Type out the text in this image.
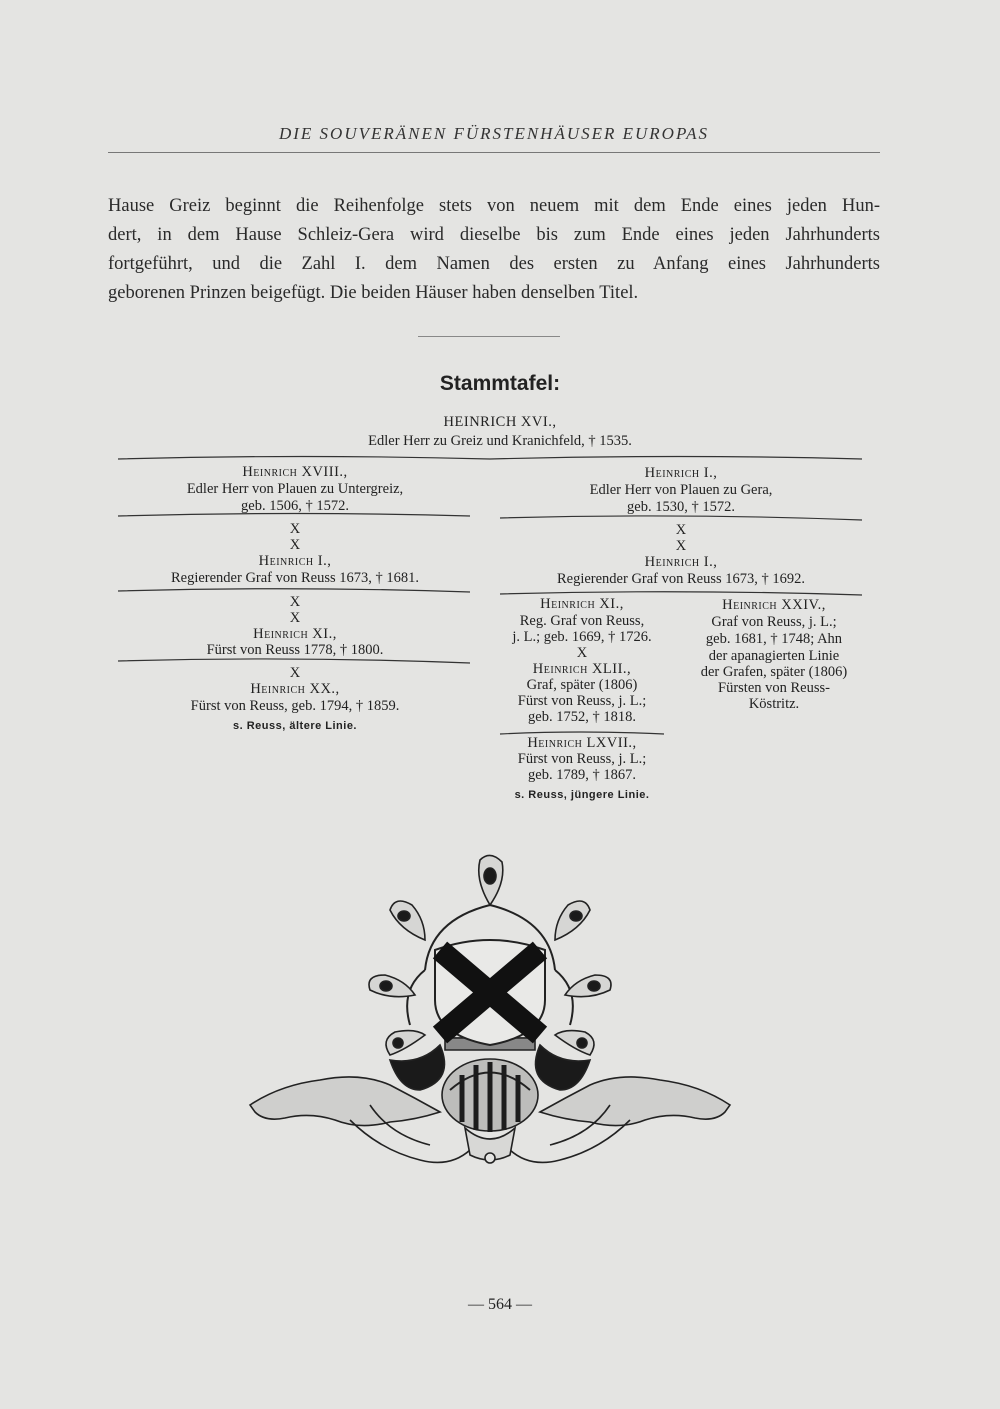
DIE SOUVERÄNEN FÜRSTENHÄUSER EUROPAS
Hause Greiz beginnt die Reihenfolge stets von neuem mit dem Ende eines jeden Hun-
dert, in dem Hause Schleiz-Gera wird dieselbe bis zum Ende eines jeden Jahrhunderts
fortgeführt, und die Zahl I. dem Namen des ersten zu Anfang eines Jahrhunderts
geborenen Prinzen beigefügt. Die beiden Häuser haben denselben Titel.
Stammtafel:
HEINRICH XVI.,
Edler Herr zu Greiz und Kranichfeld, † 1535.
Heinrich XVIII.,
Edler Herr von Plauen zu Untergreiz,
geb. 1506, † 1572.
X
X
Heinrich I.,
Regierender Graf von Reuss 1673, † 1681.
X
X
Heinrich XI.,
Fürst von Reuss 1778, † 1800.
X
Heinrich XX.,
Fürst von Reuss, geb. 1794, † 1859.
s. Reuss, ältere Linie.
Heinrich I.,
Edler Herr von Plauen zu Gera,
geb. 1530, † 1572.
X
X
Heinrich I.,
Regierender Graf von Reuss 1673, † 1692.
Heinrich XI.,
Reg. Graf von Reuss,
j. L.; geb. 1669, † 1726.
X
Heinrich XLII.,
Graf, später (1806)
Fürst von Reuss, j. L.;
geb. 1752, † 1818.
Heinrich LXVII.,
Fürst von Reuss, j. L.;
geb. 1789, † 1867.
s. Reuss, jüngere Linie.
Heinrich XXIV.,
Graf von Reuss, j. L.;
geb. 1681, † 1748; Ahn
der apanagierten Linie
der Grafen, später (1806)
Fürsten von Reuss-
Köstritz.
— 564 —
